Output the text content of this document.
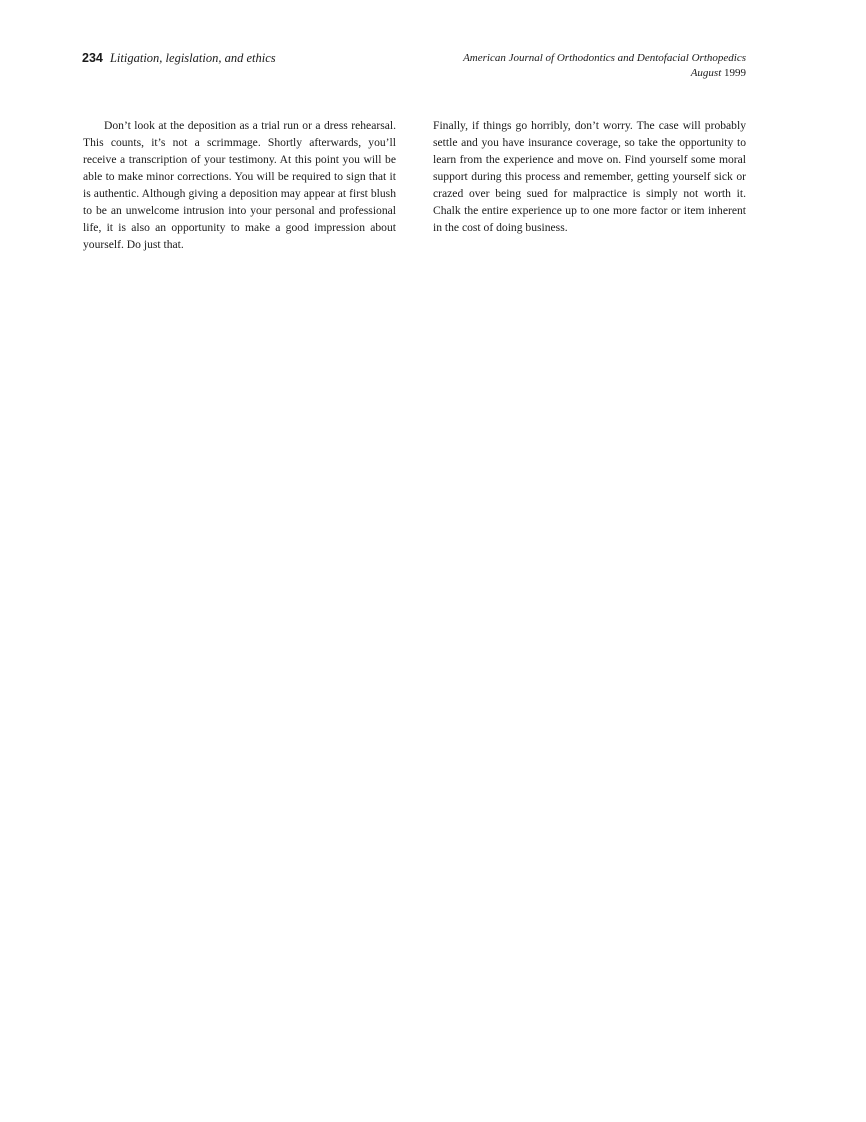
234 Litigation, legislation, and ethics	American Journal of Orthodontics and Dentofacial Orthopedics
August 1999

Don’t look at the deposition as a trial run or a dress rehearsal. This counts, it’s not a scrimmage. Shortly afterwards, you’ll receive a transcription of your testimony. At this point you will be able to make minor corrections. You will be required to sign that it is authentic. Although giving a deposition may appear at first blush to be an unwelcome intrusion into your personal and professional life, it is also an opportunity to make a good impression about yourself. Do just that.

Finally, if things go horribly, don’t worry. The case will probably settle and you have insurance coverage, so take the opportunity to learn from the experience and move on. Find yourself some moral support during this process and remember, getting yourself sick or crazed over being sued for malpractice is simply not worth it. Chalk the entire experience up to one more factor or item inherent in the cost of doing business.
